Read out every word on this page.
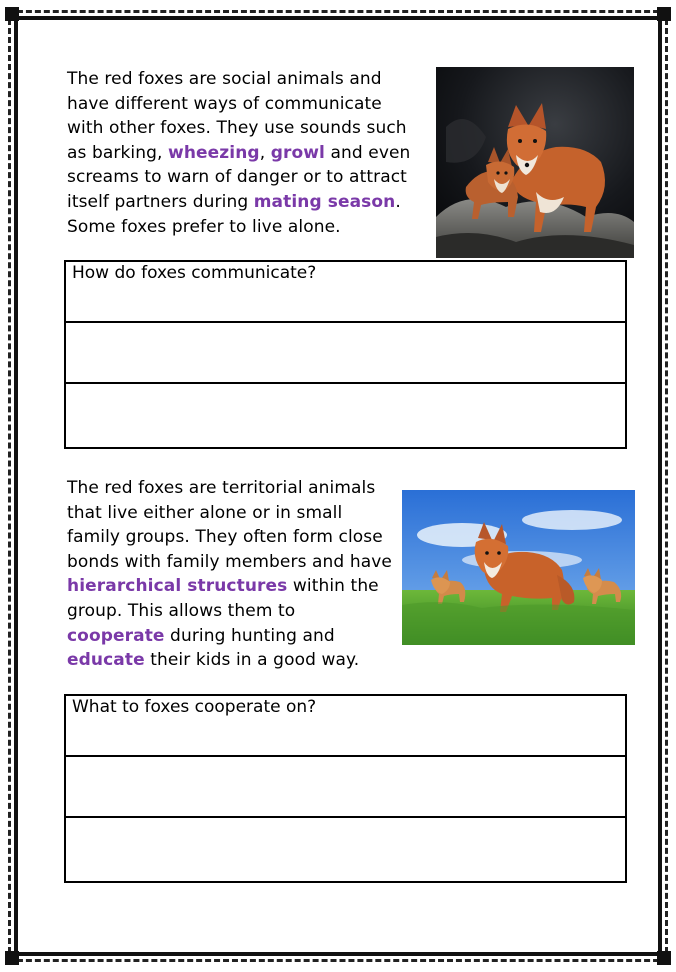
The red foxes are social animals and
have different ways of communicate
with other foxes. They use sounds such
as barking, wheezing, growl and even
screams to warn of danger or to attract
itself partners during mating season.
Some foxes prefer to live alone.
How do foxes communicate?
The red foxes are territorial animals
that live either alone or in small
family groups. They often form close
bonds with family members and have
hierarchical structures within the
group. This allows them to
cooperate during hunting and
educate their kids in a good way.
What to foxes cooperate on?
